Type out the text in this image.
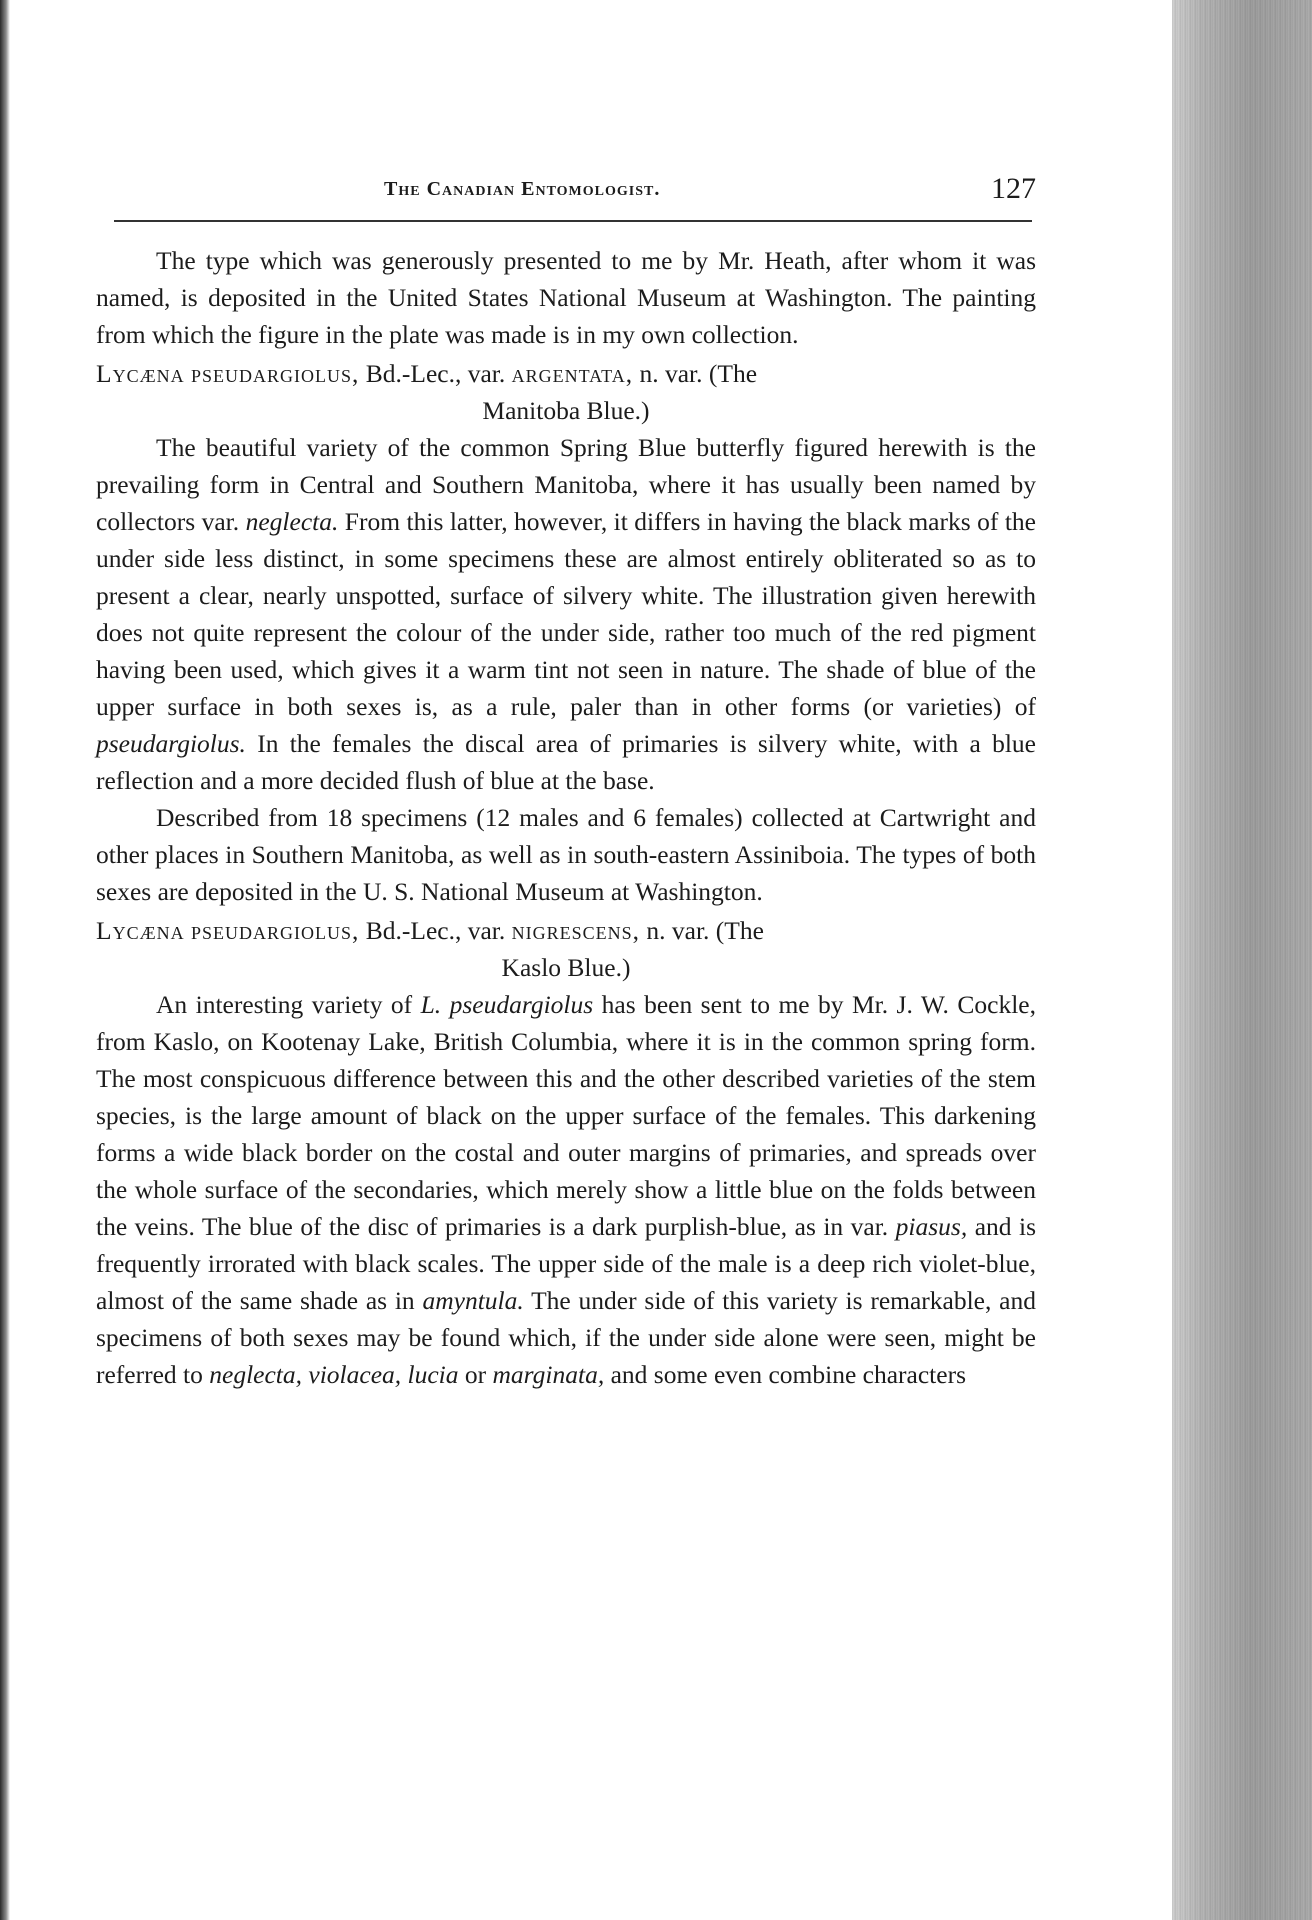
The Canadian Entomologist.	127

The type which was generously presented to me by Mr. Heath, after whom it was named, is deposited in the United States National Museum at Washington. The painting from which the figure in the plate was made is in my own collection.

Lycæna pseudargiolus, Bd.-Lec., var. argentata, n. var. (The
Manitoba Blue.)

The beautiful variety of the common Spring Blue butterfly figured herewith is the prevailing form in Central and Southern Manitoba, where it has usually been named by collectors var. neglecta. From this latter, however, it differs in having the black marks of the under side less distinct, in some specimens these are almost entirely obliterated so as to present a clear, nearly unspotted, surface of silvery white. The illustration given herewith does not quite represent the colour of the under side, rather too much of the red pigment having been used, which gives it a warm tint not seen in nature. The shade of blue of the upper surface in both sexes is, as a rule, paler than in other forms (or varieties) of pseudargiolus. In the females the discal area of primaries is silvery white, with a blue reflection and a more decided flush of blue at the base.

Described from 18 specimens (12 males and 6 females) collected at Cartwright and other places in Southern Manitoba, as well as in south-eastern Assiniboia. The types of both sexes are deposited in the U. S. National Museum at Washington.

Lycæna pseudargiolus, Bd.-Lec., var. nigrescens, n. var. (The
Kaslo Blue.)

An interesting variety of L. pseudargiolus has been sent to me by Mr. J. W. Cockle, from Kaslo, on Kootenay Lake, British Columbia, where it is in the common spring form. The most conspicuous difference between this and the other described varieties of the stem species, is the large amount of black on the upper surface of the females. This darkening forms a wide black border on the costal and outer margins of primaries, and spreads over the whole surface of the secondaries, which merely show a little blue on the folds between the veins. The blue of the disc of primaries is a dark purplish-blue, as in var. piasus, and is frequently irrorated with black scales. The upper side of the male is a deep rich violet-blue, almost of the same shade as in amyntula. The under side of this variety is remarkable, and specimens of both sexes may be found which, if the under side alone were seen, might be referred to neglecta, violacea, lucia or marginata, and some even combine characters
